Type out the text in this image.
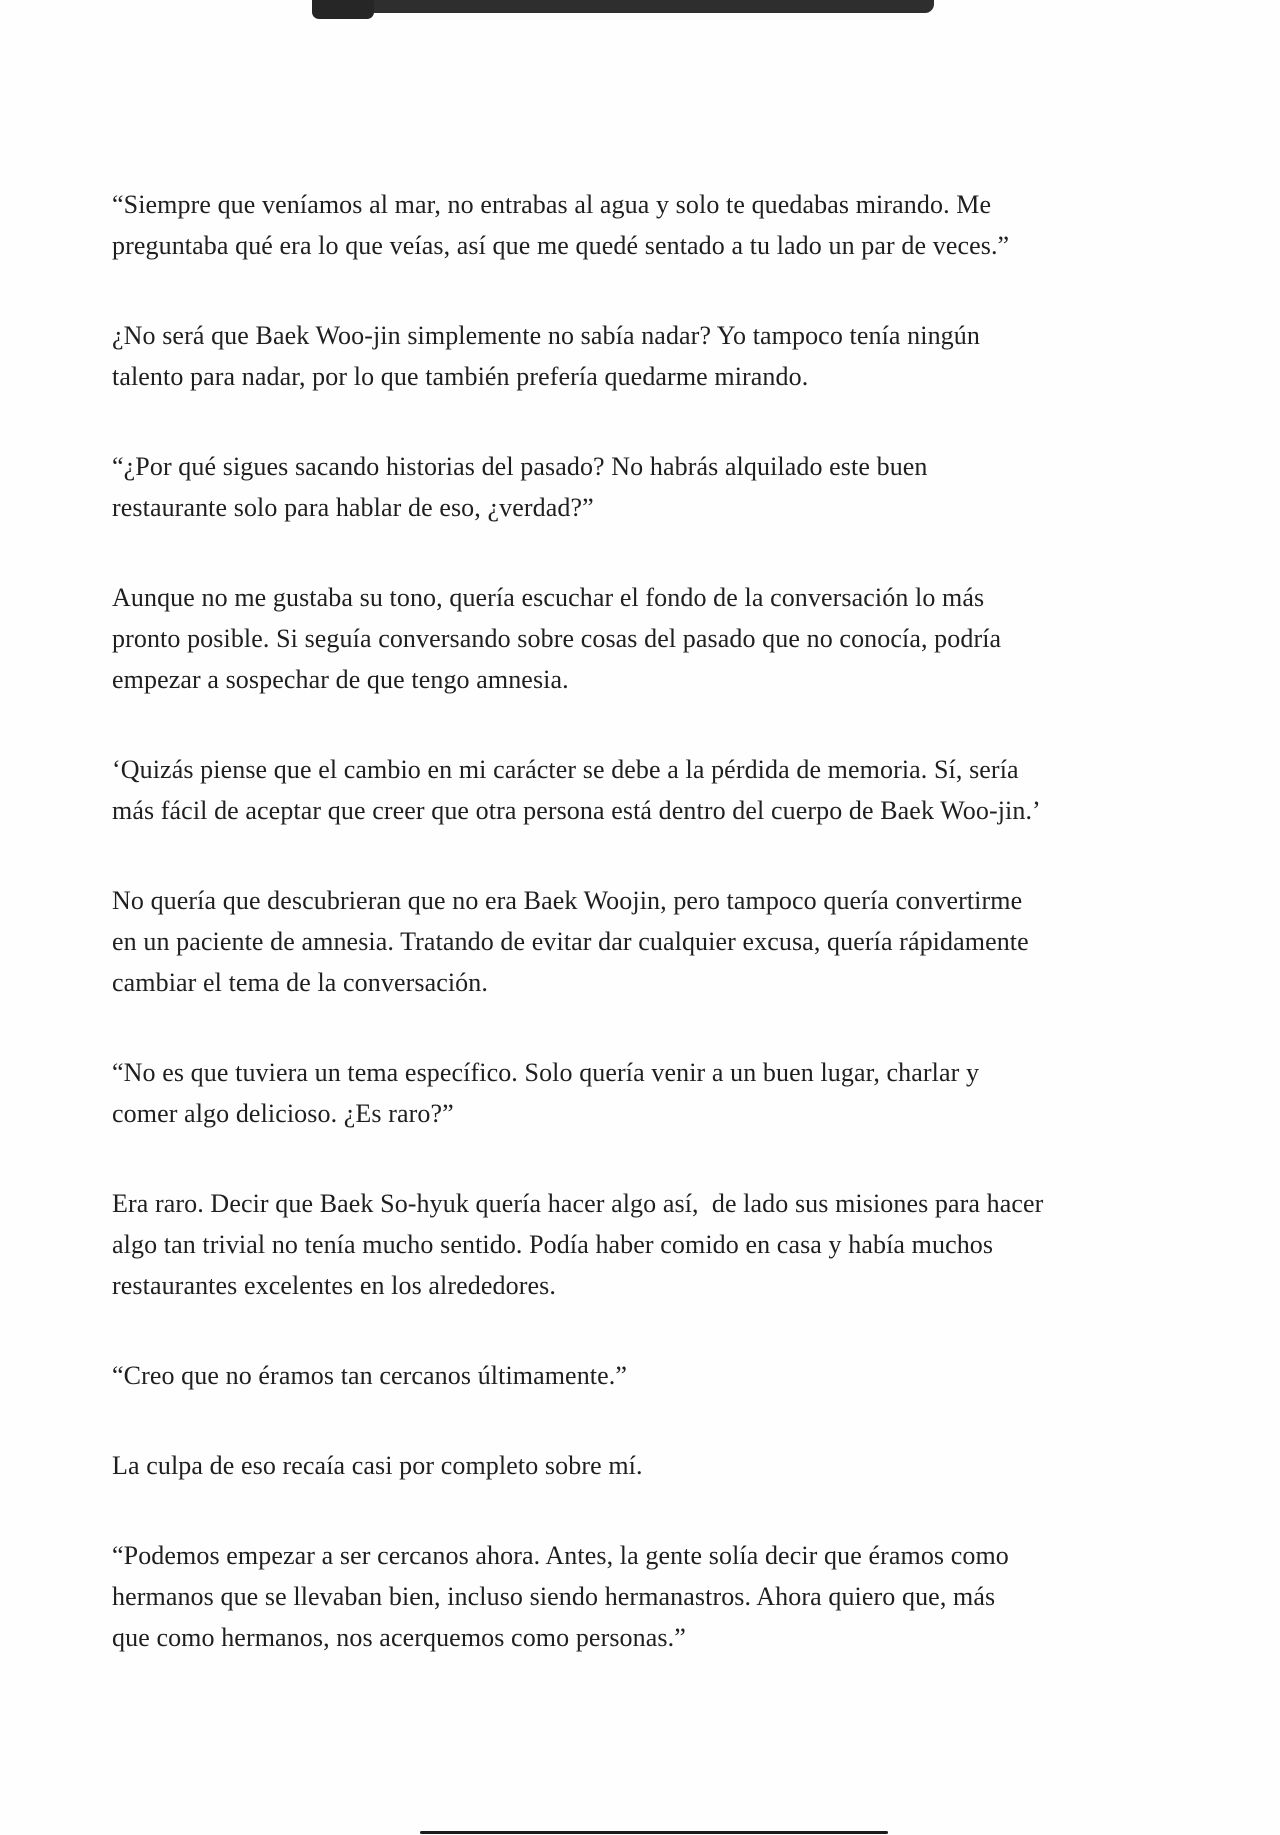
“Siempre que veníamos al mar, no entrabas al agua y solo te quedabas mirando. Me
preguntaba qué era lo que veías, así que me quedé sentado a tu lado un par de veces.”
¿No será que Baek Woo-jin simplemente no sabía nadar? Yo tampoco tenía ningún
talento para nadar, por lo que también prefería quedarme mirando.
“¿Por qué sigues sacando historias del pasado? No habrás alquilado este buen
restaurante solo para hablar de eso, ¿verdad?”
Aunque no me gustaba su tono, quería escuchar el fondo de la conversación lo más
pronto posible. Si seguía conversando sobre cosas del pasado que no conocía, podría
empezar a sospechar de que tengo amnesia.
‘Quizás piense que el cambio en mi carácter se debe a la pérdida de memoria. Sí, sería
más fácil de aceptar que creer que otra persona está dentro del cuerpo de Baek Woo-jin.’
No quería que descubrieran que no era Baek Woojin, pero tampoco quería convertirme
en un paciente de amnesia. Tratando de evitar dar cualquier excusa, quería rápidamente
cambiar el tema de la conversación.
“No es que tuviera un tema específico. Solo quería venir a un buen lugar, charlar y
comer algo delicioso. ¿Es raro?”
Era raro. Decir que Baek So-hyuk quería hacer algo así,  de lado sus misiones para hacer
algo tan trivial no tenía mucho sentido. Podía haber comido en casa y había muchos
restaurantes excelentes en los alrededores.
“Creo que no éramos tan cercanos últimamente.”
La culpa de eso recaía casi por completo sobre mí.
“Podemos empezar a ser cercanos ahora. Antes, la gente solía decir que éramos como
hermanos que se llevaban bien, incluso siendo hermanastros. Ahora quiero que, más
que como hermanos, nos acerquemos como personas.”
